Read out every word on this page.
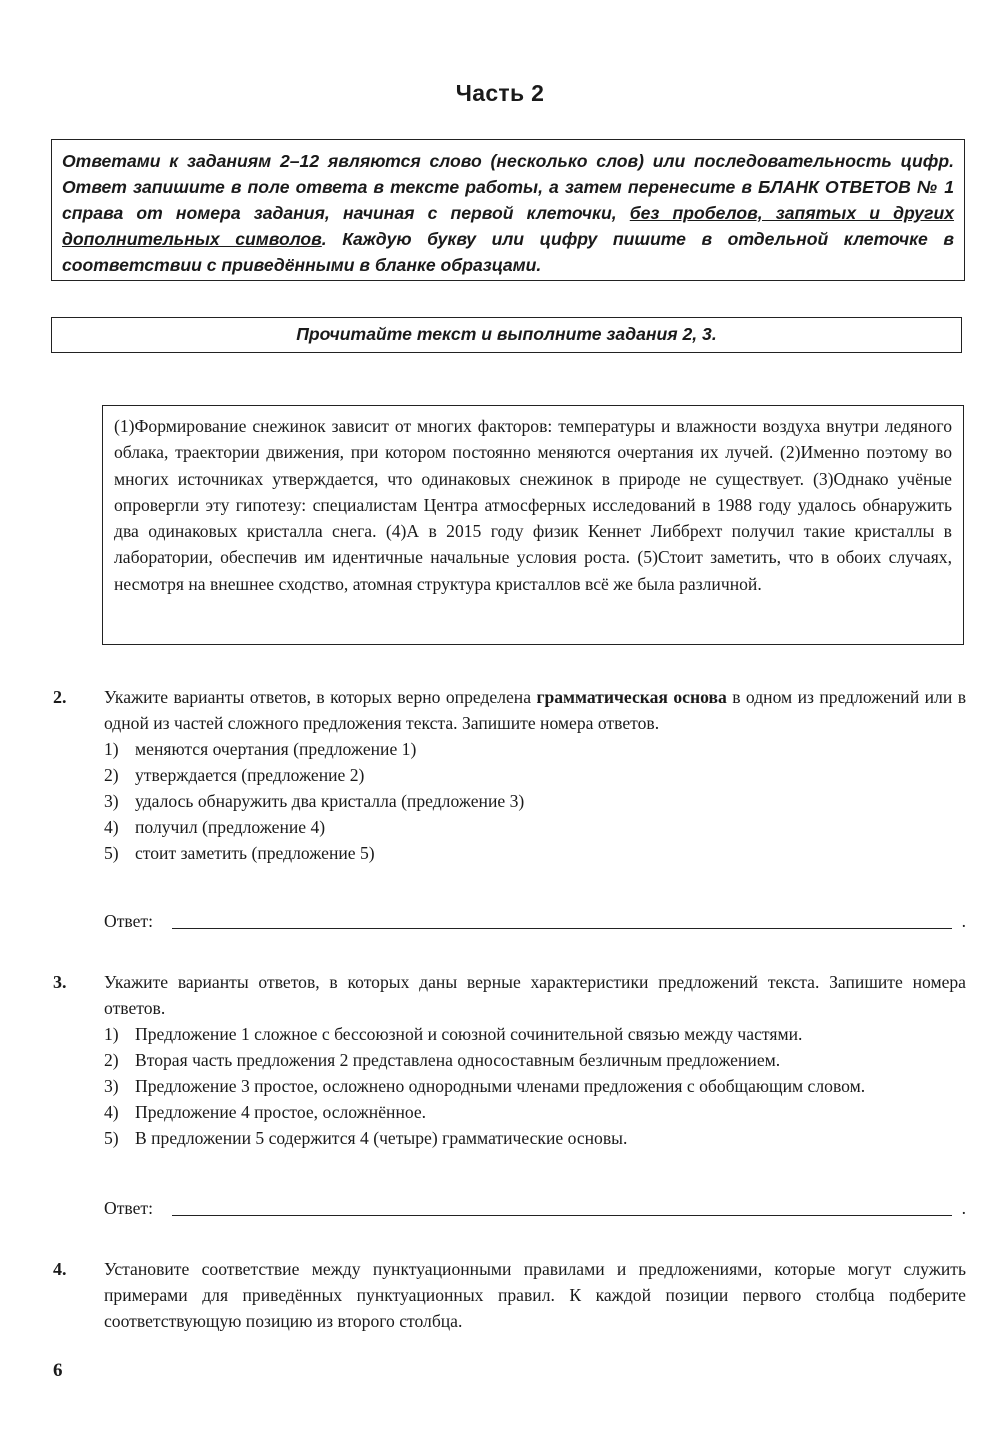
Часть 2
Ответами к заданиям 2–12 являются слово (несколько слов) или последовательность цифр. Ответ запишите в поле ответа в тексте работы, а затем перенесите в БЛАНК ОТВЕТОВ № 1 справа от номера задания, начиная с первой клеточки, без пробелов, запятых и других дополнительных символов. Каждую букву или цифру пишите в отдельной клеточке в соответствии с приведёнными в бланке образцами.
Прочитайте текст и выполните задания 2, 3.
(1)Формирование снежинок зависит от многих факторов: температуры и влажности воздуха внутри ледяного облака, траектории движения, при котором постоянно меняются очертания их лучей. (2)Именно поэтому во многих источниках утверждается, что одинаковых снежинок в природе не существует. (3)Однако учёные опровергли эту гипотезу: специалистам Центра атмосферных исследований в 1988 году удалось обнаружить два одинаковых кристалла снега. (4)А в 2015 году физик Кеннет Либбрехт получил такие кристаллы в лаборатории, обеспечив им идентичные начальные условия роста. (5)Стоит заметить, что в обоих случаях, несмотря на внешнее сходство, атомная структура кристаллов всё же была различной.
2. Укажите варианты ответов, в которых верно определена грамматическая основа в одном из предложений или в одной из частей сложного предложения текста. Запишите номера ответов.

1) меняются очертания (предложение 1)
2) утверждается (предложение 2)
3) удалось обнаружить два кристалла (предложение 3)
4) получил (предложение 4)
5) стоит заметить (предложение 5)
Ответ:	.
3. Укажите варианты ответов, в которых даны верные характеристики предложений текста. Запишите номера ответов.

1) Предложение 1 сложное с бессоюзной и союзной сочинительной связью между частями.
2) Вторая часть предложения 2 представлена односоставным безличным предложением.
3) Предложение 3 простое, осложнено однородными членами предложения с обобщающим словом.
4) Предложение 4 простое, осложнённое.
5) В предложении 5 содержится 4 (четыре) грамматические основы.
Ответ:	.
4. Установите соответствие между пунктуационными правилами и предложениями, которые могут служить примерами для приведённых пунктуационных правил. К каждой позиции первого столбца подберите соответствующую позицию из второго столбца.

6
